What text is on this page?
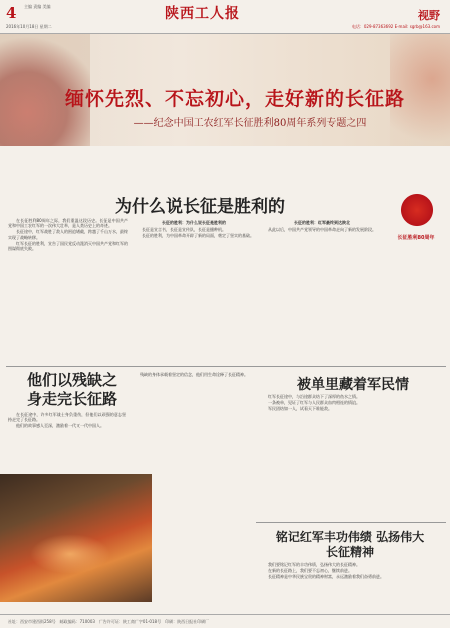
4 主编 责编 美编	陕西工人报	视野
2016年10月18日 星期二	电话：029-87363692 E-mail: sgrb@163.com
缅怀先烈、不忘初心，走好新的长征路
——纪念中国工农红军长征胜利80周年系列专题之四
为什么说长征是胜利的

在长征胜利80周年之际，我们重温这段历史。长征是中国共产党和中国工农红军的一次伟大壮举，是人类历史上的奇迹。

长征途中，红军战胜了敌人的围追堵截，跨越了千山万水，最终实现了战略转移。

红军长征的胜利，宣告了国民党反动派消灭中国共产党和红军的图谋彻底失败。

长征的胜利：为什么说长征是胜利的

长征是宣言书，长征是宣传队，长征是播种机。

长征的胜利，为中国革命开辟了新的局面，奠定了坚实的基础。

长征的胜利：红军最终到达陕北

从此以后，中国共产党领导的中国革命走向了新的发展阶段。

长征胜利80周年
他们以残缺之身走完长征路

在长征途中，许多红军战士身负重伤，但他们以顽强的意志坚持走完了长征路。

他们的故事感人至深，激励着一代又一代中国人。

残缺的身体承载着坚定的信念，他们用生命诠释了长征精神。

被单里藏着军民情

红军长征途中，与沿途群众结下了深厚的鱼水之情。

一条被单，见证了红军与人民群众血肉相连的情谊。

军民团结如一人，试看天下谁能敌。

铭记红军丰功伟绩 弘扬伟大长征精神

我们要铭记红军的丰功伟绩，弘扬伟大的长征精神。

在新的长征路上，我们要不忘初心，继续前进。

长征精神是中华民族宝贵的精神财富，永远激励着我们奋勇前进。

社址：西安市建西街258号　邮政编码：710003　广告许可证：陕工商广字01-018号　印刷：陕西日报社印刷厂
